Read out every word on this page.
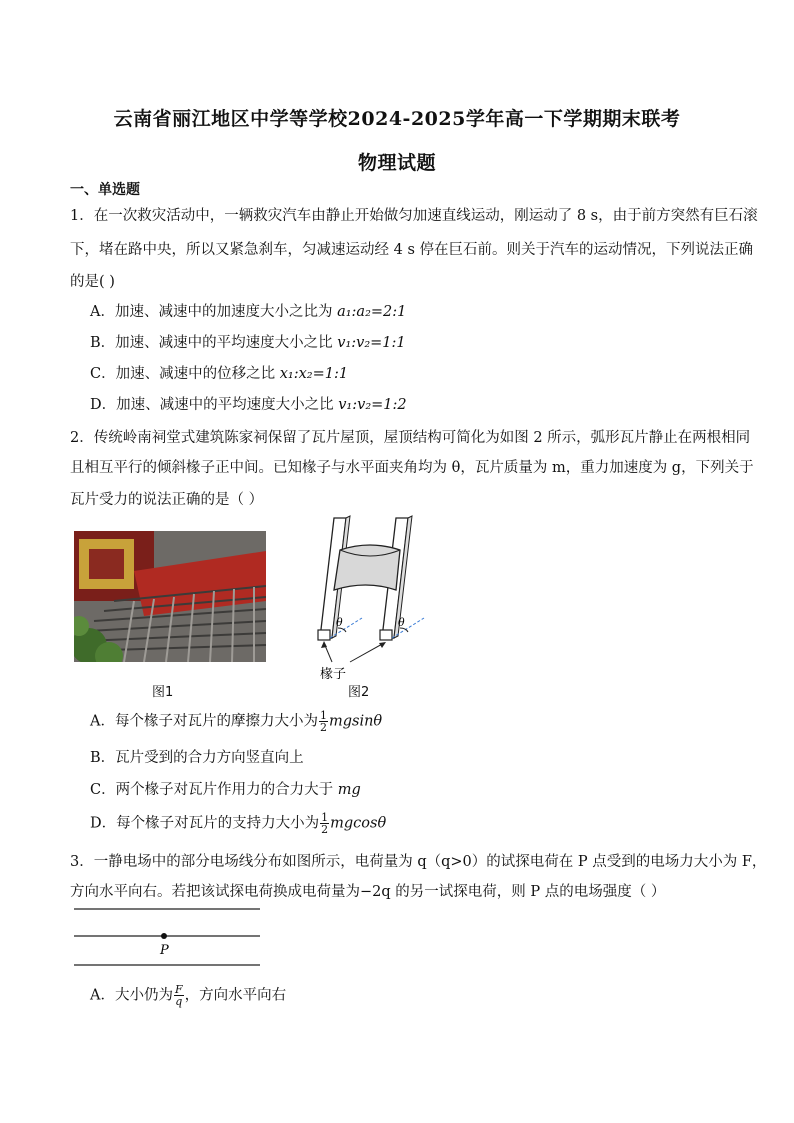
云南省丽江地区中学等学校2024-2025学年高一下学期期末联考
物理试题
一、单选题
1．在一次救灾活动中，一辆救灾汽车由静止开始做匀加速直线运动，刚运动了 8 s，由于前方突然有巨石滚
下，堵在路中央，所以又紧急刹车，匀减速运动经 4 s 停在巨石前。则关于汽车的运动情况，下列说法正确
的是( )
A．加速、减速中的加速度大小之比为 a₁:a₂=2:1
B．加速、减速中的平均速度大小之比 v₁:v₂=1:1
C．加速、减速中的位移之比 x₁:x₂=1:1
D．加速、减速中的平均速度大小之比 v₁:v₂=1:2
2．传统岭南祠堂式建筑陈家祠保留了瓦片屋顶，屋顶结构可简化为如图 2 所示，弧形瓦片静止在两根相同
且相互平行的倾斜椽子正中间。已知椽子与水平面夹角均为 θ，瓦片质量为 m，重力加速度为 g，下列关于
瓦片受力的说法正确的是（ ）
图1
θ	θ
椽子
图2
A．每个椽子对瓦片的摩擦力大小为 $\frac{1}{2}$ mgsinθ
B．瓦片受到的合力方向竖直向上
C．两个椽子对瓦片作用力的合力大于 mg
D．每个椽子对瓦片的支持力大小为 $\frac{1}{2}$ mgcosθ
3．一静电场中的部分电场线分布如图所示，电荷量为 q（q>0）的试探电荷在 P 点受到的电场力大小为 F，
方向水平向右。若把该试探电荷换成电荷量为−2q 的另一试探电荷，则 P 点的电场强度（ ）
P
A．大小仍为 $\frac{F}{q}$ ，方向水平向右
